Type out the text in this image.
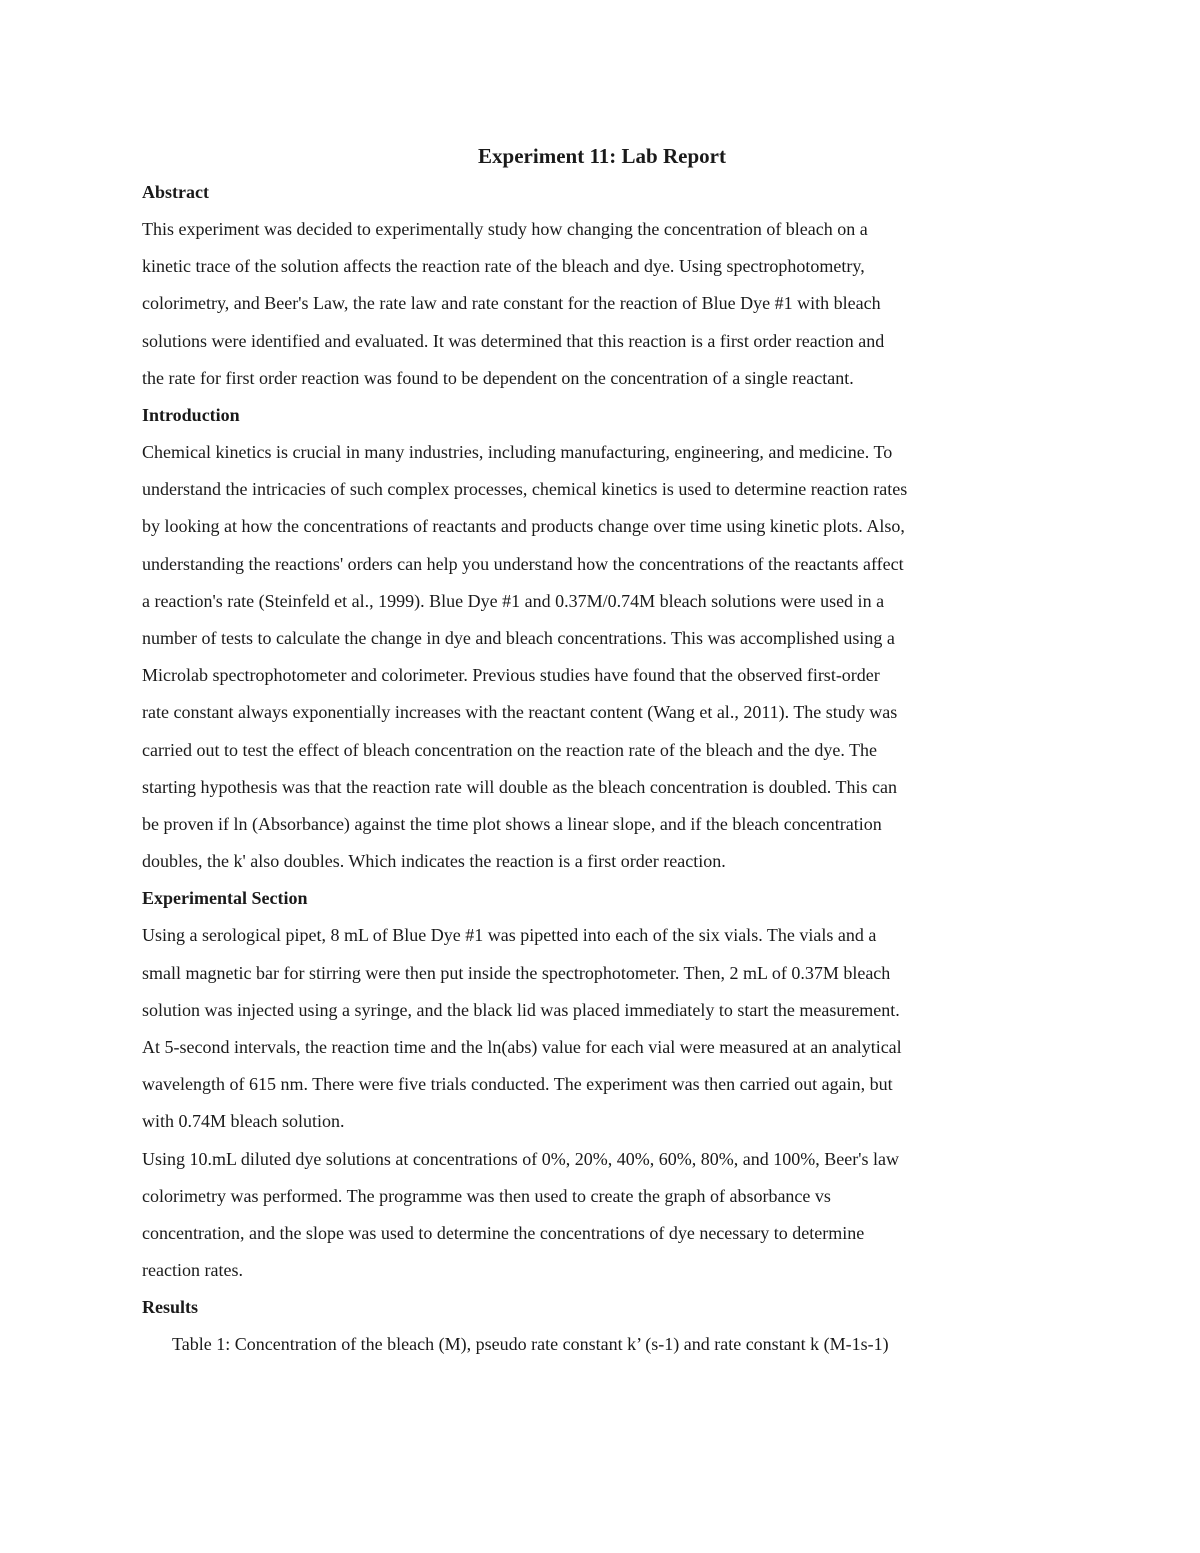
Experiment 11: Lab Report
Abstract

This experiment was decided to experimentally study how changing the concentration of bleach on a
kinetic trace of the solution affects the reaction rate of the bleach and dye. Using spectrophotometry,
colorimetry, and Beer's Law, the rate law and rate constant for the reaction of Blue Dye #1 with bleach
solutions were identified and evaluated. It was determined that this reaction is a first order reaction and
the rate for first order reaction was found to be dependent on the concentration of a single reactant.

Introduction

Chemical kinetics is crucial in many industries, including manufacturing, engineering, and medicine. To
understand the intricacies of such complex processes, chemical kinetics is used to determine reaction rates
by looking at how the concentrations of reactants and products change over time using kinetic plots. Also,
understanding the reactions' orders can help you understand how the concentrations of the reactants affect
a reaction's rate (Steinfeld et al., 1999). Blue Dye #1 and 0.37M/0.74M bleach solutions were used in a
number of tests to calculate the change in dye and bleach concentrations. This was accomplished using a
Microlab spectrophotometer and colorimeter. Previous studies have found that the observed first-order
rate constant always exponentially increases with the reactant content (Wang et al., 2011). The study was
carried out to test the effect of bleach concentration on the reaction rate of the bleach and the dye. The
starting hypothesis was that the reaction rate will double as the bleach concentration is doubled. This can
be proven if ln (Absorbance) against the time plot shows a linear slope, and if the bleach concentration
doubles, the k' also doubles. Which indicates the reaction is a first order reaction.

Experimental Section

Using a serological pipet, 8 mL of Blue Dye #1 was pipetted into each of the six vials. The vials and a
small magnetic bar for stirring were then put inside the spectrophotometer. Then, 2 mL of 0.37M bleach
solution was injected using a syringe, and the black lid was placed immediately to start the measurement.
At 5-second intervals, the reaction time and the ln(abs) value for each vial were measured at an analytical
wavelength of 615 nm. There were five trials conducted. The experiment was then carried out again, but
with 0.74M bleach solution.

Using 10.mL diluted dye solutions at concentrations of 0%, 20%, 40%, 60%, 80%, and 100%, Beer's law
colorimetry was performed. The programme was then used to create the graph of absorbance vs
concentration, and the slope was used to determine the concentrations of dye necessary to determine
reaction rates.

Results

Table 1: Concentration of the bleach (M), pseudo rate constant k’ (s-1) and rate constant k (M-1s-1)
